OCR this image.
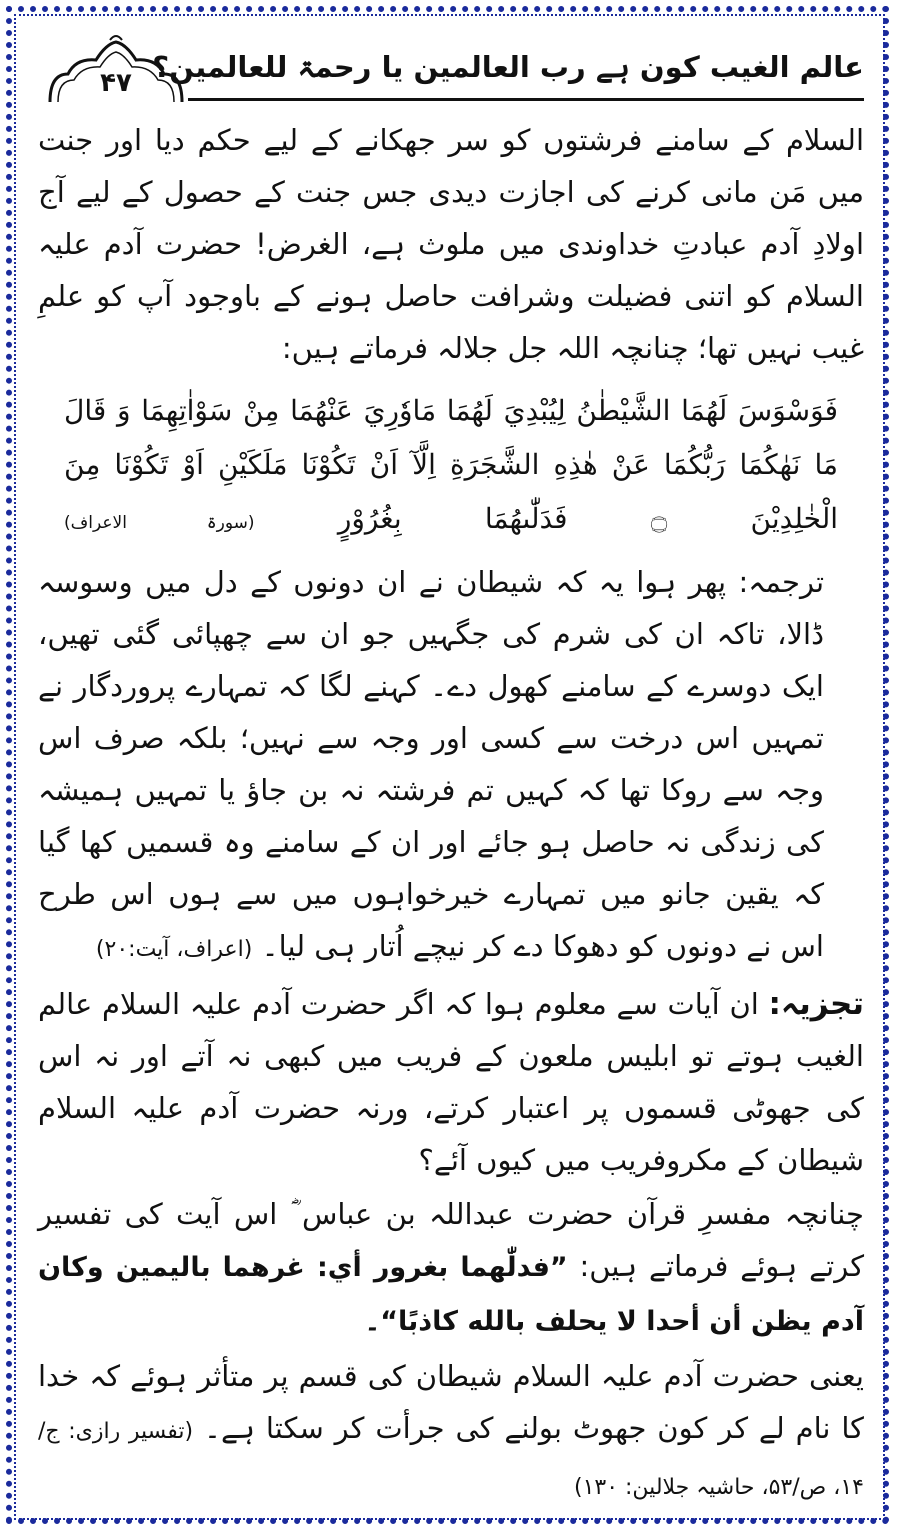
عالم الغیب کون ہے رب العالمین یا رحمۃ للعالمین؟
۴۷

السلام کے سامنے فرشتوں کو سر جھکانے کے لیے حکم دیا اور جنت میں مَن مانی کرنے کی اجازت دیدی جس جنت کے حصول کے لیے آج اولادِ آدم عبادتِ خداوندی میں ملوث ہے، الغرض! حضرت آدم علیہ السلام کو اتنی فضیلت وشرافت حاصل ہونے کے باوجود آپ کو علمِ غیب نہیں تھا؛ چنانچہ اللہ جل جلالہ فرماتے ہیں:

فَوَسْوَسَ لَهُمَا الشَّيْطٰنُ لِيُبْدِيَ لَهُمَا مَاوٗرِيَ عَنْهُمَا مِنْ سَوْاٰتِهِمَا وَ قَالَ مَا نَهٰكُمَا رَبُّكُمَا عَنْ هٰذِهِ الشَّجَرَةِ اِلَّآ اَنْ تَكُوْنَا مَلَكَيْنِ اَوْ تَكُوْنَا مِنَ الْخٰلِدِيْنَ ۝ فَدَلّٰىهُمَا بِغُرُوْرٍ (سورۃ الاعراف)

ترجمہ: پھر ہوا یہ کہ شیطان نے ان دونوں کے دل میں وسوسہ ڈالا، تاکہ ان کی شرم کی جگہیں جو ان سے چھپائی گئی تھیں، ایک دوسرے کے سامنے کھول دے۔ کہنے لگا کہ تمہارے پروردگار نے تمہیں اس درخت سے کسی اور وجہ سے نہیں؛ بلکہ صرف اس وجہ سے روکا تھا کہ کہیں تم فرشتہ نہ بن جاؤ یا تمہیں ہمیشہ کی زندگی نہ حاصل ہو جائے اور ان کے سامنے وہ قسمیں کھا گیا کہ یقین جانو میں تمہارے خیرخواہوں میں سے ہوں اس طرح اس نے دونوں کو دھوکا دے کر نیچے اُتار ہی لیا۔ (اعراف، آیت:۲۰)

تجزیہ: ان آیات سے معلوم ہوا کہ اگر حضرت آدم علیہ السلام عالم الغیب ہوتے تو ابلیس ملعون کے فریب میں کبھی نہ آتے اور نہ اس کی جھوٹی قسموں پر اعتبار کرتے، ورنہ حضرت آدم علیہ السلام شیطان کے مکروفریب میں کیوں آئے؟

چنانچہ مفسرِ قرآن حضرت عبداللہ بن عباس ؓ اس آیت کی تفسیر کرتے ہوئے فرماتے ہیں: ”فدلّٰهما بغرور أي: غرهما باليمين وكان آدم يظن أن أحدا لا يحلف بالله كاذبًا“۔

یعنی حضرت آدم علیہ السلام شیطان کی قسم پر متأثر ہوئے کہ خدا کا نام لے کر کون جھوٹ بولنے کی جرأت کر سکتا ہے۔ (تفسیر رازی: ج/۱۴، ص/۵۳، حاشیہ جلالین: ۱۳۰)
